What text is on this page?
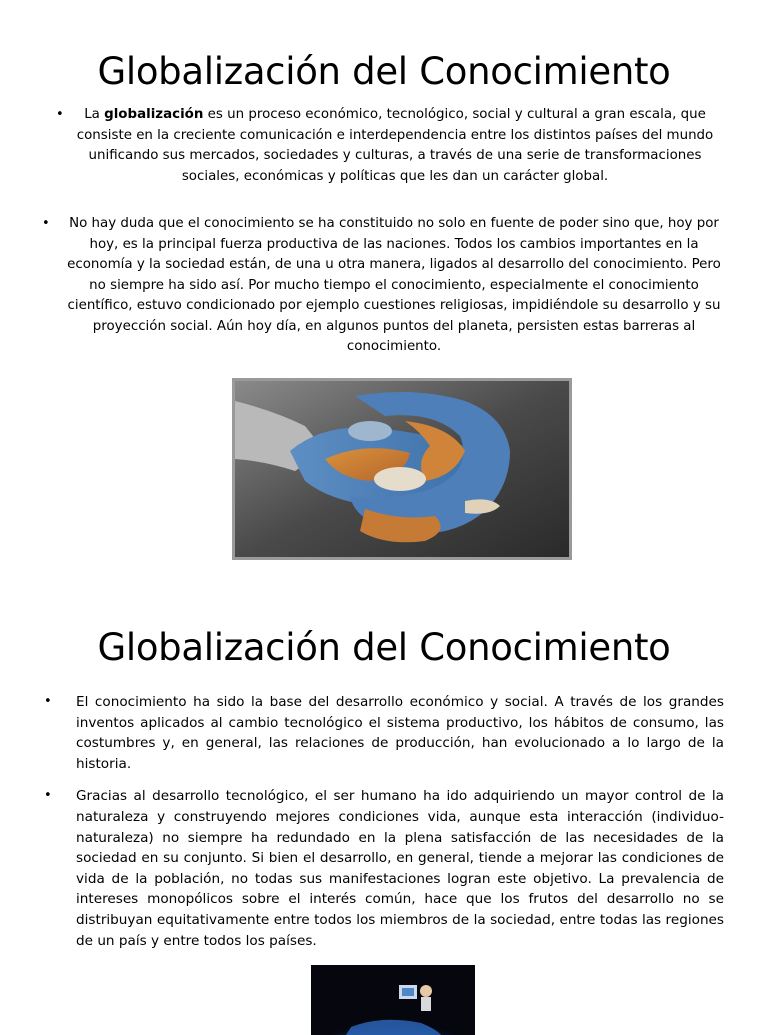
Globalización del Conocimiento

• La globalización es un proceso económico, tecnológico, social y cultural a gran escala, que consiste en la creciente comunicación e interdependencia entre los distintos países del mundo unificando sus mercados, sociedades y culturas, a través de una serie de transformaciones sociales, económicas y políticas que les dan un carácter global.

• No hay duda que el conocimiento se ha constituido no solo en fuente de poder sino que, hoy por hoy, es la principal fuerza productiva de las naciones. Todos los cambios importantes en la economía y la sociedad están, de una u otra manera, ligados al desarrollo del conocimiento. Pero no siempre ha sido así. Por mucho tiempo el conocimiento, especialmente el conocimiento científico, estuvo condicionado por ejemplo cuestiones religiosas, impidiéndole su desarrollo y su proyección social. Aún hoy día, en algunos puntos del planeta, persisten estas barreras al conocimiento.

Globalización del Conocimiento
• El conocimiento ha sido la base del desarrollo económico y social. A través de los grandes inventos aplicados al cambio tecnológico el sistema productivo, los hábitos de consumo, las costumbres y, en general, las relaciones de producción, han evolucionado a lo largo de la historia.
• Gracias al desarrollo tecnológico, el ser humano ha ido adquiriendo un mayor control de la naturaleza y construyendo mejores condiciones vida, aunque esta interacción (individuo-naturaleza) no siempre ha redundado en la plena satisfacción de las necesidades de la sociedad en su conjunto. Si bien el desarrollo, en general, tiende a mejorar las condiciones de vida de la población, no todas sus manifestaciones logran este objetivo. La prevalencia de intereses monopólicos sobre el interés común, hace que los frutos del desarrollo no se distribuyan equitativamente entre todos los miembros de la sociedad, entre todas las regiones de un país y entre todos los países.
